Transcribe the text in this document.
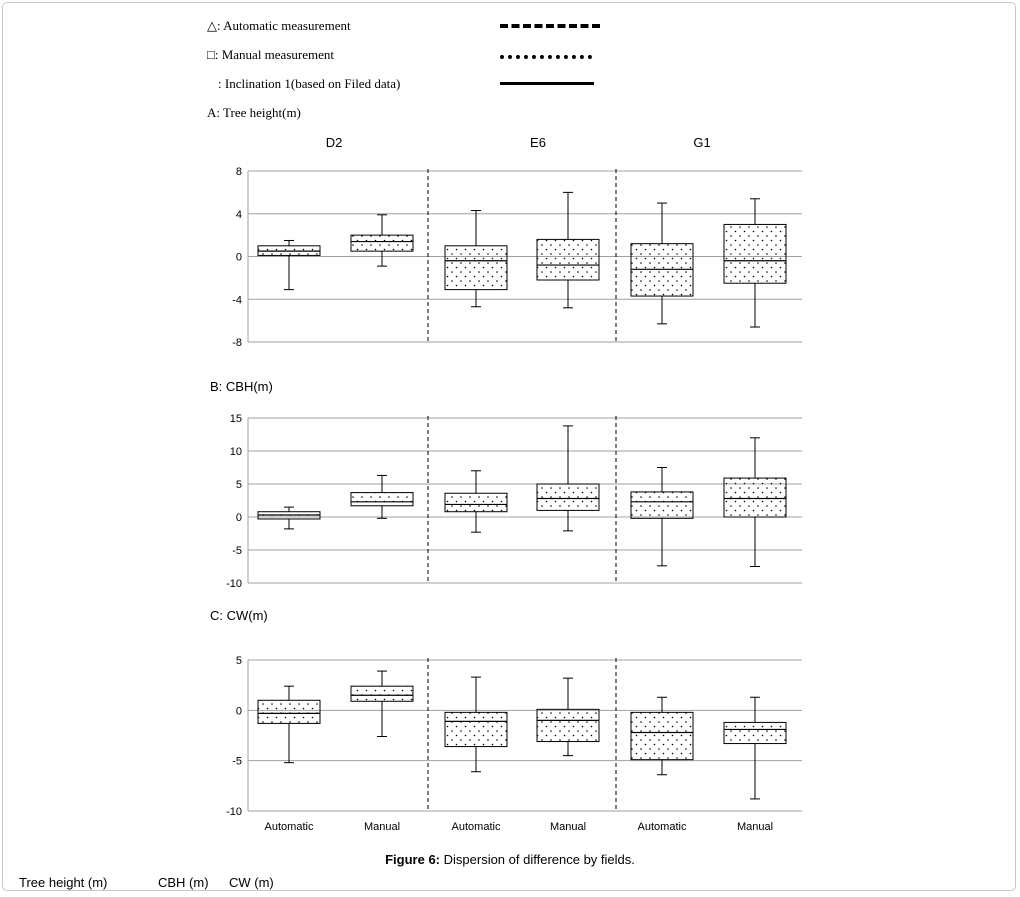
△: Automatic measurement
□: Manual measurement
: Inclination 1(based on Filed data)
A: Tree height(m)
B: CBH(m)
C: CW(m)
-8
-4
0
4
8
D2	E6	G1
-10
-5
0
5
10
15
-10
-5
0
5
Automatic	Manual	Automatic	Manual	Automatic	Manual
Figure 6: Dispersion of difference by fields.
Tree height (m)	CBH (m) CW (m)
